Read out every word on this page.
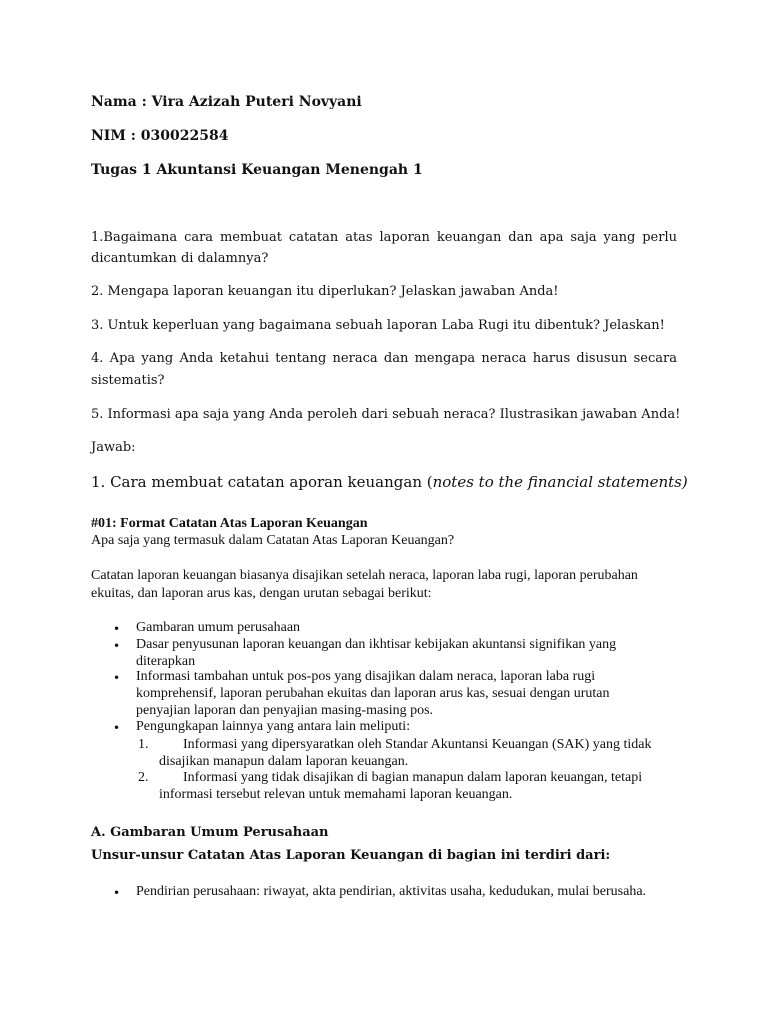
Nama : Vira Azizah Puteri Novyani
NIM : 030022584
Tugas 1 Akuntansi Keuangan Menengah 1
1.Bagaimana cara membuat catatan atas laporan keuangan dan apa saja yang perlu
dicantumkan di dalamnya?
2. Mengapa laporan keuangan itu diperlukan? Jelaskan jawaban Anda!
3. Untuk keperluan yang bagaimana sebuah laporan Laba Rugi itu dibentuk? Jelaskan!
4. Apa yang Anda ketahui tentang neraca dan mengapa neraca harus disusun secara
sistematis?
5. Informasi apa saja yang Anda peroleh dari sebuah neraca? Ilustrasikan jawaban Anda!
Jawab:
1. Cara membuat catatan aporan keuangan (notes to the financial statements)
#01: Format Catatan Atas Laporan Keuangan
Apa saja yang termasuk dalam Catatan Atas Laporan Keuangan?
Catatan laporan keuangan biasanya disajikan setelah neraca, laporan laba rugi, laporan perubahan
ekuitas, dan laporan arus kas, dengan urutan sebagai berikut:
• Gambaran umum perusahaan
• Dasar penyusunan laporan keuangan dan ikhtisar kebijakan akuntansi signifikan yang
diterapkan
• Informasi tambahan untuk pos-pos yang disajikan dalam neraca, laporan laba rugi
komprehensif, laporan perubahan ekuitas dan laporan arus kas, sesuai dengan urutan
penyajian laporan dan penyajian masing-masing pos.
• Pengungkapan lainnya yang antara lain meliputi:
1. Informasi yang dipersyaratkan oleh Standar Akuntansi Keuangan (SAK) yang tidak
disajikan manapun dalam laporan keuangan.
2. Informasi yang tidak disajikan di bagian manapun dalam laporan keuangan, tetapi
informasi tersebut relevan untuk memahami laporan keuangan.
A. Gambaran Umum Perusahaan
Unsur-unsur Catatan Atas Laporan Keuangan di bagian ini terdiri dari:
• Pendirian perusahaan: riwayat, akta pendirian, aktivitas usaha, kedudukan, mulai berusaha.
